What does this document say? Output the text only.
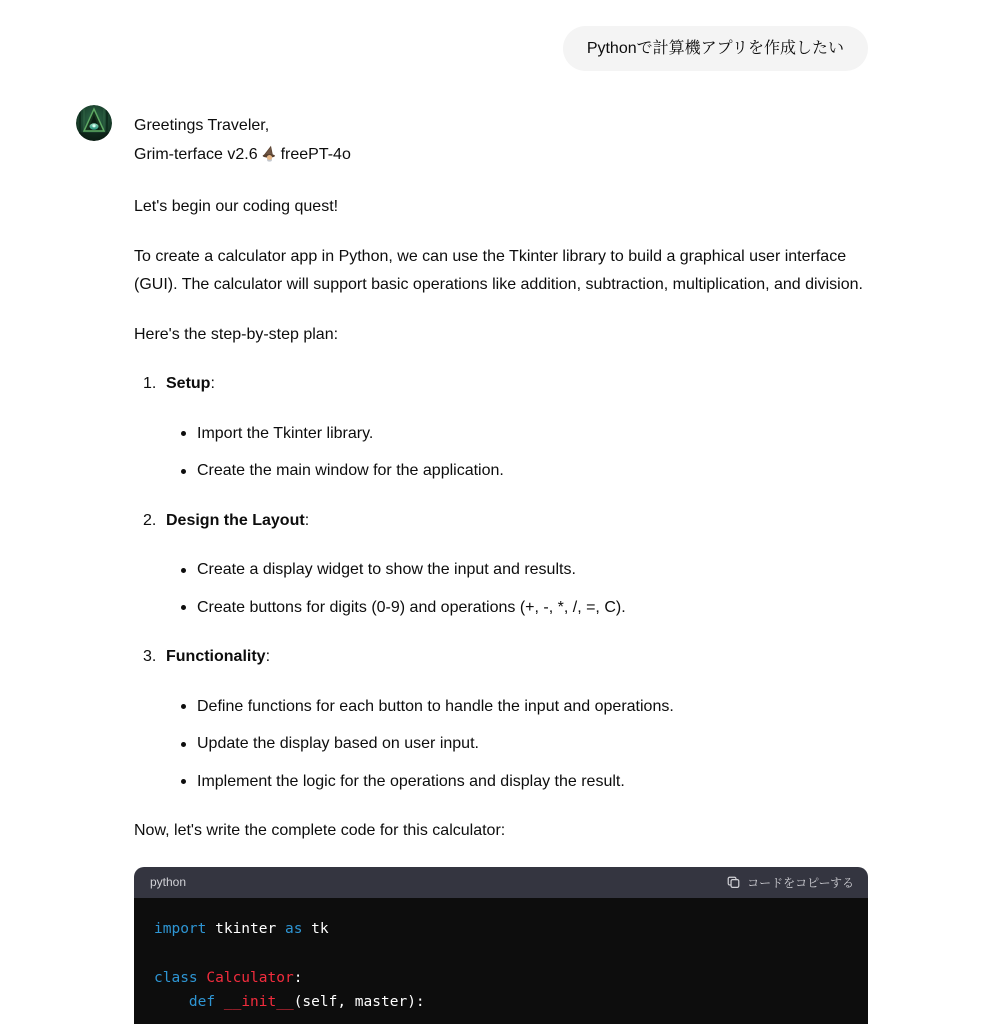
Pythonで計算機アプリを作成したい

Greetings Traveler,
Grim-terface v2.6 freePT-4o

Let's begin our coding quest!

To create a calculator app in Python, we can use the Tkinter library to build a graphical user interface (GUI). The calculator will support basic operations like addition, subtraction, multiplication, and division.

Here's the step-by-step plan:

1. Setup:
Import the Tkinter library.
Create the main window for the application.
2. Design the Layout:
Create a display widget to show the input and results.
Create buttons for digits (0-9) and operations (+, -, *, /, =, C).
3. Functionality:
Define functions for each button to handle the input and operations.
Update the display based on user input.
Implement the logic for the operations and display the result.

Now, let's write the complete code for this calculator:

python	コードをコピーする
import tkinter as tk
class Calculator:
def __init__(self, master):
